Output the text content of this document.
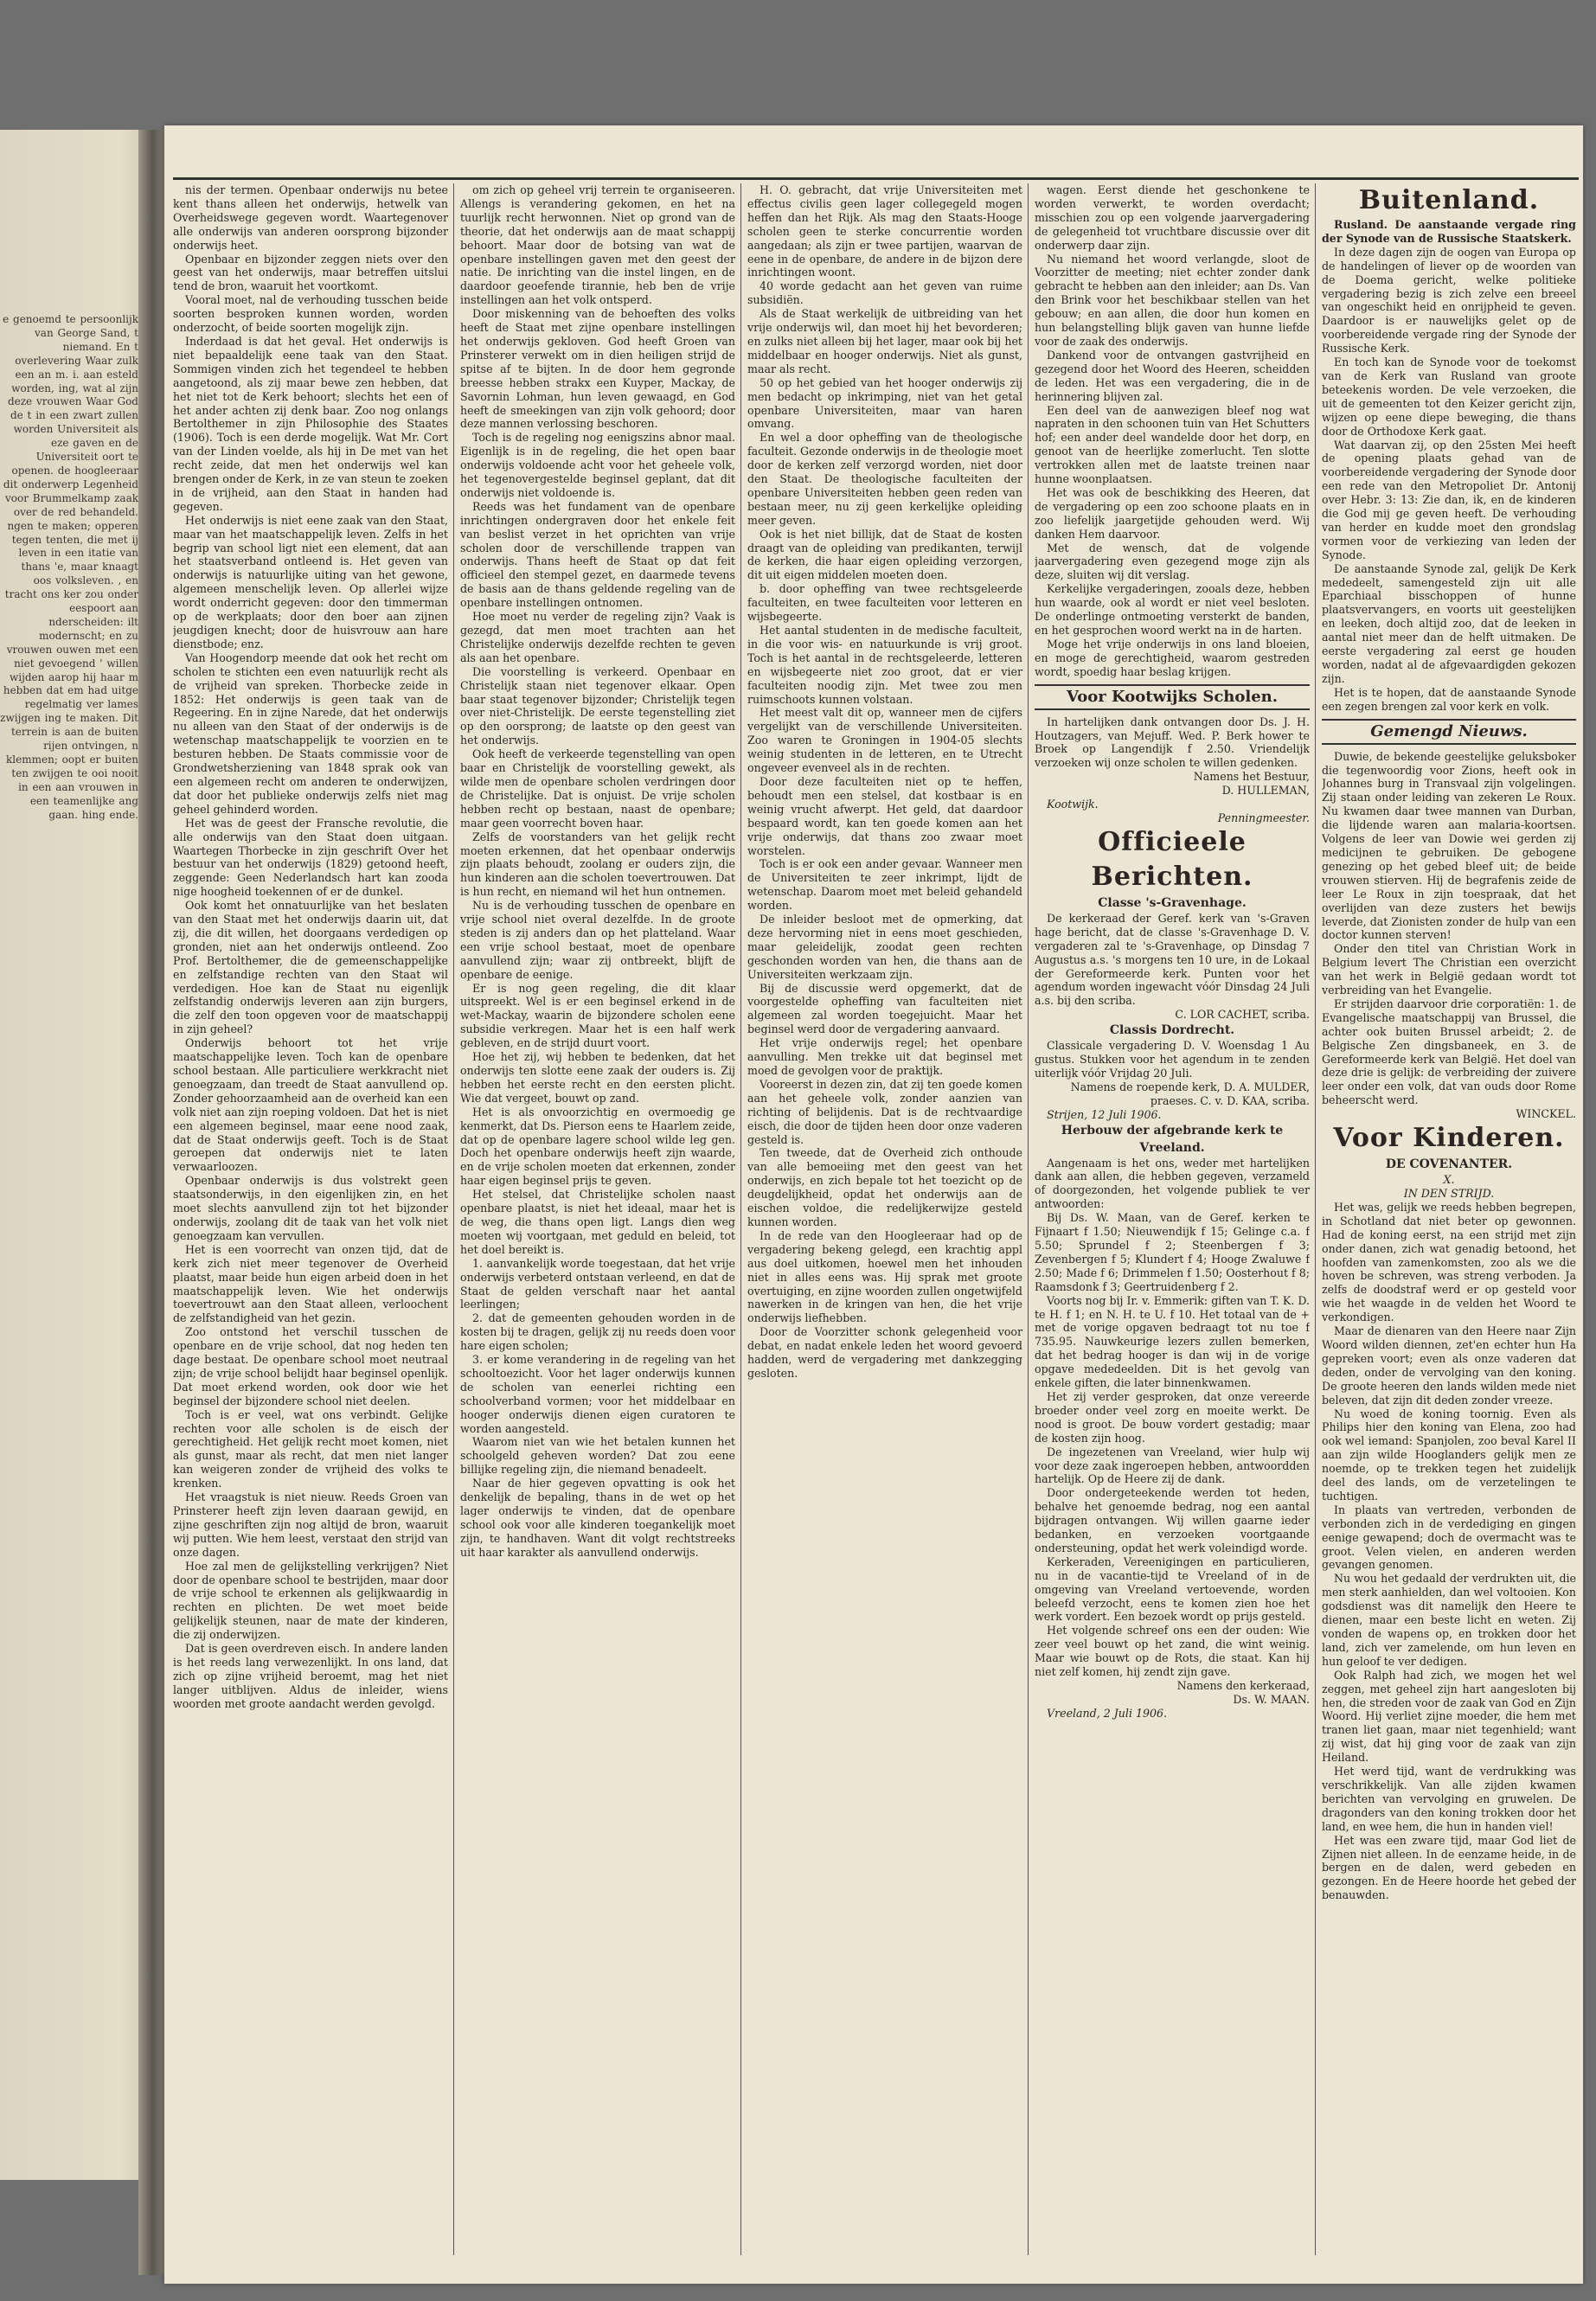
e genoemd te persoonlijk van George Sand, t niemand. En t overlevering Waar zulk een an m. i. aan esteld worden, ing, wat al zijn deze vrouwen Waar God de t in een zwart zullen worden Universiteit als eze gaven en de Universiteit oort te openen. de hoogleeraar dit onderwerp Legenheid voor Brummelkamp zaak over de red behandeld. ngen te maken; opperen tegen tenten, die met ij leven in een itatie van thans 'e, maar knaagt oos volksleven. , en tracht ons ker zou onder eespoort aan nderscheiden: ilt modernscht; en zu vrouwen ouwen met een niet gevoegend ' willen wijden aarop hij haar m hebben dat em had uitge regelmatig ver lames zwijgen ing te maken. Dit terrein is aan de buiten rijen ontvingen, n klemmen; oopt er buiten ten zwijgen te ooi nooit in een aan vrouwen in een teamenlijke ang gaan. hing ende.

nis der termen. Openbaar onderwijs nu betee kent thans alleen het onderwijs, hetwelk van Overheidswege gegeven wordt. Waartegenover alle onderwijs van anderen oorsprong bijzonder onderwijs heet.

Openbaar en bijzonder zeggen niets over den geest van het onderwijs, maar betreffen uitslui tend de bron, waaruit het voortkomt.

Vooral moet, nal de verhouding tusschen beide soorten besproken kunnen worden, worden onderzocht, of beide soorten mogelijk zijn.

Inderdaad is dat het geval. Het onderwijs is niet bepaaldelijk eene taak van den Staat. Sommigen vinden zich het tegendeel te hebben aangetoond, als zij maar bewe zen hebben, dat het niet tot de Kerk behoort; slechts het een of het ander achten zij denk baar. Zoo nog onlangs Bertolthemer in zijn Philosophie des Staates (1906). Toch is een derde mogelijk. Wat Mr. Cort van der Linden voelde, als hij in De met van het recht zeide, dat men het onderwijs wel kan brengen onder de Kerk, in ze van steun te zoeken in de vrijheid, aan den Staat in handen had gegeven.

Het onderwijs is niet eene zaak van den Staat, maar van het maatschappelijk leven. Zelfs in het begrip van school ligt niet een element, dat aan het staatsverband ontleend is. Het geven van onderwijs is natuurlijke uiting van het gewone, algemeen menschelijk leven. Op allerlei wijze wordt onderricht gegeven: door den timmerman op de werkplaats; door den boer aan zijnen jeugdigen knecht; door de huisvrouw aan hare dienstbode; enz.

Van Hoogendorp meende dat ook het recht om scholen te stichten een even natuurlijk recht als de vrijheid van spreken. Thorbecke zeide in 1852: Het onderwijs is geen taak van de Regeering. En in zijne Narede, dat het onderwijs nu alleen van den Staat of der onderwijs is de wetenschap maatschappelijk te voorzien en te besturen hebben. De Staats commissie voor de Grondwetsherziening van 1848 sprak ook van een algemeen recht om anderen te onderwijzen, dat door het publieke onderwijs zelfs niet mag geheel gehinderd worden.

Het was de geest der Fransche revolutie, die alle onderwijs van den Staat doen uitgaan. Waartegen Thorbecke in zijn geschrift Over het bestuur van het onderwijs (1829) getoond heeft, zeggende: Geen Nederlandsch hart kan zooda nige hoogheid toekennen of er de dunkel.

Ook komt het onnatuurlijke van het beslaten van den Staat met het onderwijs daarin uit, dat zij, die dit willen, het doorgaans verdedigen op gronden, niet aan het onderwijs ontleend. Zoo Prof. Bertolthemer, die de gemeenschappelijke en zelfstandige rechten van den Staat wil verdedigen. Hoe kan de Staat nu eigenlijk zelfstandig onderwijs leveren aan zijn burgers, die zelf den toon opgeven voor de maatschappij in zijn geheel?

Onderwijs behoort tot het vrije maatschappelijke leven. Toch kan de openbare school bestaan. Alle particuliere werkkracht niet genoegzaam, dan treedt de Staat aanvullend op. Zonder gehoorzaamheid aan de overheid kan een volk niet aan zijn roeping voldoen. Dat het is niet een algemeen beginsel, maar eene nood zaak, dat de Staat onderwijs geeft. Toch is de Staat geroepen dat onderwijs niet te laten verwaarloozen.

Openbaar onderwijs is dus volstrekt geen staatsonderwijs, in den eigenlijken zin, en het moet slechts aanvullend zijn tot het bijzonder onderwijs, zoolang dit de taak van het volk niet genoegzaam kan vervullen.

Het is een voorrecht van onzen tijd, dat de kerk zich niet meer tegenover de Overheid plaatst, maar beide hun eigen arbeid doen in het maatschappelijk leven. Wie het onderwijs toevertrouwt aan den Staat alleen, verloochent de zelfstandigheid van het gezin.

Zoo ontstond het verschil tusschen de openbare en de vrije school, dat nog heden ten dage bestaat. De openbare school moet neutraal zijn; de vrije school belijdt haar beginsel openlijk. Dat moet erkend worden, ook door wie het beginsel der bijzondere school niet deelen.

Toch is er veel, wat ons verbindt. Gelijke rechten voor alle scholen is de eisch der gerechtigheid. Het gelijk recht moet komen, niet als gunst, maar als recht, dat men niet langer kan weigeren zonder de vrijheid des volks te krenken.

Het vraagstuk is niet nieuw. Reeds Groen van Prinsterer heeft zijn leven daaraan gewijd, en zijne geschriften zijn nog altijd de bron, waaruit wij putten. Wie hem leest, verstaat den strijd van onze dagen.

Hoe zal men de gelijkstelling verkrijgen? Niet door de openbare school te bestrijden, maar door de vrije school te erkennen als gelijkwaardig in rechten en plichten. De wet moet beide gelijkelijk steunen, naar de mate der kinderen, die zij onderwijzen.

Dat is geen overdreven eisch. In andere landen is het reeds lang verwezenlijkt. In ons land, dat zich op zijne vrijheid beroemt, mag het niet langer uitblijven. Aldus de inleider, wiens woorden met groote aandacht werden gevolgd.

om zich op geheel vrij terrein te organiseeren. Allengs is verandering gekomen, en het na tuurlijk recht herwonnen. Niet op grond van de theorie, dat het onderwijs aan de maat schappij behoort. Maar door de botsing van wat de openbare instellingen gaven met den geest der natie. De inrichting van die instel lingen, en de daardoor geoefende tirannie, heb ben de vrije instellingen aan het volk ontsperd.

Door miskenning van de behoeften des volks heeft de Staat met zijne openbare instellingen het onderwijs gekloven. God heeft Groen van Prinsterer verwekt om in dien heiligen strijd de spitse af te bijten. In de door hem gegronde breesse hebben strakx een Kuyper, Mackay, de Savornin Lohman, hun leven gewaagd, en God heeft de smeekingen van zijn volk gehoord; door deze mannen verlossing beschoren.

Toch is de regeling nog eenigszins abnor maal. Eigenlijk is in de regeling, die het open baar onderwijs voldoende acht voor het geheele volk, het tegenovergestelde beginsel geplant, dat dit onderwijs niet voldoende is.

Reeds was het fundament van de openbare inrichtingen ondergraven door het enkele feit van beslist verzet in het oprichten van vrije scholen door de verschillende trappen van onderwijs. Thans heeft de Staat op dat feit officieel den stempel gezet, en daarmede tevens de basis aan de thans geldende regeling van de openbare instellingen ontnomen.

Hoe moet nu verder de regeling zijn? Vaak is gezegd, dat men moet trachten aan het Christelijke onderwijs dezelfde rechten te geven als aan het openbare.

Die voorstelling is verkeerd. Openbaar en Christelijk staan niet tegenover elkaar. Open baar staat tegenover bijzonder; Christelijk tegen over niet-Christelijk. De eerste tegenstelling ziet op den oorsprong; de laatste op den geest van het onderwijs.

Ook heeft de verkeerde tegenstelling van open baar en Christelijk de voorstelling gewekt, als wilde men de openbare scholen verdringen door de Christelijke. Dat is onjuist. De vrije scholen hebben recht op bestaan, naast de openbare; maar geen voorrecht boven haar.

Zelfs de voorstanders van het gelijk recht moeten erkennen, dat het openbaar onderwijs zijn plaats behoudt, zoolang er ouders zijn, die hun kinderen aan die scholen toevertrouwen. Dat is hun recht, en niemand wil het hun ontnemen.

Nu is de verhouding tusschen de openbare en vrije school niet overal dezelfde. In de groote steden is zij anders dan op het platteland. Waar een vrije school bestaat, moet de openbare aanvullend zijn; waar zij ontbreekt, blijft de openbare de eenige.

Er is nog geen regeling, die dit klaar uitspreekt. Wel is er een beginsel erkend in de wet-Mackay, waarin de bijzondere scholen eene subsidie verkregen. Maar het is een half werk gebleven, en de strijd duurt voort.

Hoe het zij, wij hebben te bedenken, dat het onderwijs ten slotte eene zaak der ouders is. Zij hebben het eerste recht en den eersten plicht. Wie dat vergeet, bouwt op zand.

Het is als onvoorzichtig en overmoedig ge kenmerkt, dat Ds. Pierson eens te Haarlem zeide, dat op de openbare lagere school wilde leg gen. Doch het openbare onderwijs heeft zijn waarde, en de vrije scholen moeten dat erkennen, zonder haar eigen beginsel prijs te geven.

Het stelsel, dat Christelijke scholen naast openbare plaatst, is niet het ideaal, maar het is de weg, die thans open ligt. Langs dien weg moeten wij voortgaan, met geduld en beleid, tot het doel bereikt is.

1. aanvankelijk worde toegestaan, dat het vrije onderwijs verbeterd ontstaan verleend, en dat de Staat de gelden verschaft naar het aantal leerlingen;

2. dat de gemeenten gehouden worden in de kosten bij te dragen, gelijk zij nu reeds doen voor hare eigen scholen;

3. er kome verandering in de regeling van het schooltoezicht. Voor het lager onderwijs kunnen de scholen van eenerlei richting een schoolverband vormen; voor het middelbaar en hooger onderwijs dienen eigen curatoren te worden aangesteld.

Waarom niet van wie het betalen kunnen het schoolgeld geheven worden? Dat zou eene billijke regeling zijn, die niemand benadeelt.

Naar de hier gegeven opvatting is ook het denkelijk de bepaling, thans in de wet op het lager onderwijs te vinden, dat de openbare school ook voor alle kinderen toegankelijk moet zijn, te handhaven. Want dit volgt rechtstreeks uit haar karakter als aanvullend onderwijs.

H. O. gebracht, dat vrije Universiteiten met effectus civilis geen lager collegegeld mogen heffen dan het Rijk. Als mag den Staats-Hooge scholen geen te sterke concurrentie worden aangedaan; als zijn er twee partijen, waarvan de eene in de openbare, de andere in de bijzon dere inrichtingen woont.

40 worde gedacht aan het geven van ruime subsidiën.

Als de Staat werkelijk de uitbreiding van het vrije onderwijs wil, dan moet hij het bevorderen; en zulks niet alleen bij het lager, maar ook bij het middelbaar en hooger onderwijs. Niet als gunst, maar als recht.

50 op het gebied van het hooger onderwijs zij men bedacht op inkrimping, niet van het getal openbare Universiteiten, maar van haren omvang.

En wel a door opheffing van de theologische faculteit. Gezonde onderwijs in de theologie moet door de kerken zelf verzorgd worden, niet door den Staat. De theologische faculteiten der openbare Universiteiten hebben geen reden van bestaan meer, nu zij geen kerkelijke opleiding meer geven.

Ook is het niet billijk, dat de Staat de kosten draagt van de opleiding van predikanten, terwijl de kerken, die haar eigen opleiding verzorgen, dit uit eigen middelen moeten doen.

b. door opheffing van twee rechtsgeleerde faculteiten, en twee faculteiten voor letteren en wijsbegeerte.

Het aantal studenten in de medische faculteit, in die voor wis- en natuurkunde is vrij groot. Toch is het aantal in de rechtsgeleerde, letteren en wijsbegeerte niet zoo groot, dat er vier faculteiten noodig zijn. Met twee zou men ruimschoots kunnen volstaan.

Het meest valt dit op, wanneer men de cijfers vergelijkt van de verschillende Universiteiten. Zoo waren te Groningen in 1904-05 slechts weinig studenten in de letteren, en te Utrecht ongeveer evenveel als in de rechten.

Door deze faculteiten niet op te heffen, behoudt men een stelsel, dat kostbaar is en weinig vrucht afwerpt. Het geld, dat daardoor bespaard wordt, kan ten goede komen aan het vrije onderwijs, dat thans zoo zwaar moet worstelen.

Toch is er ook een ander gevaar. Wanneer men de Universiteiten te zeer inkrimpt, lijdt de wetenschap. Daarom moet met beleid gehandeld worden.

De inleider besloot met de opmerking, dat deze hervorming niet in eens moet geschieden, maar geleidelijk, zoodat geen rechten geschonden worden van hen, die thans aan de Universiteiten werkzaam zijn.

Bij de discussie werd opgemerkt, dat de voorgestelde opheffing van faculteiten niet algemeen zal worden toegejuicht. Maar het beginsel werd door de vergadering aanvaard.

Het vrije onderwijs regel; het openbare aanvulling. Men trekke uit dat beginsel met moed de gevolgen voor de praktijk.

Vooreerst in dezen zin, dat zij ten goede komen aan het geheele volk, zonder aanzien van richting of belijdenis. Dat is de rechtvaardige eisch, die door de tijden heen door onze vaderen gesteld is.

Ten tweede, dat de Overheid zich onthoude van alle bemoeiing met den geest van het onderwijs, en zich bepale tot het toezicht op de deugdelijkheid, opdat het onderwijs aan de eischen voldoe, die redelijkerwijze gesteld kunnen worden.

In de rede van den Hoogleeraar had op de vergadering bekeng gelegd, een krachtig appl aus doel uitkomen, hoewel men het inhouden niet in alles eens was. Hij sprak met groote overtuiging, en zijne woorden zullen ongetwijfeld nawerken in de kringen van hen, die het vrije onderwijs liefhebben.

Door de Voorzitter schonk gelegenheid voor debat, en nadat enkele leden het woord gevoerd hadden, werd de vergadering met dankzegging gesloten.

wagen. Eerst diende het geschonkene te worden verwerkt, te worden overdacht; misschien zou op een volgende jaarvergadering de gelegenheid tot vruchtbare discussie over dit onderwerp daar zijn.

Nu niemand het woord verlangde, sloot de Voorzitter de meeting; niet echter zonder dank gebracht te hebben aan den inleider; aan Ds. Van den Brink voor het beschikbaar stellen van het gebouw; en aan allen, die door hun komen en hun belangstelling blijk gaven van hunne liefde voor de zaak des onderwijs.

Dankend voor de ontvangen gastvrijheid en gezegend door het Woord des Heeren, scheidden de leden. Het was een vergadering, die in de herinnering blijven zal.

Een deel van de aanwezigen bleef nog wat napraten in den schoonen tuin van Het Schutters hof; een ander deel wandelde door het dorp, en genoot van de heerlijke zomerlucht. Ten slotte vertrokken allen met de laatste treinen naar hunne woonplaatsen.

Het was ook de beschikking des Heeren, dat de vergadering op een zoo schoone plaats en in zoo liefelijk jaargetijde gehouden werd. Wij danken Hem daarvoor.

Met de wensch, dat de volgende jaarvergadering even gezegend moge zijn als deze, sluiten wij dit verslag.

Kerkelijke vergaderingen, zooals deze, hebben hun waarde, ook al wordt er niet veel besloten. De onderlinge ontmoeting versterkt de banden, en het gesprochen woord werkt na in de harten.

Moge het vrije onderwijs in ons land bloeien, en moge de gerechtigheid, waarom gestreden wordt, spoedig haar beslag krijgen.

Voor Kootwijks Scholen.

In hartelijken dank ontvangen door Ds. J. H. Houtzagers, van Mejuff. Wed. P. Berk hower te Broek op Langendijk f 2.50. Vriendelijk verzoeken wij onze scholen te willen gedenken.

Namens het Bestuur,

D. HULLEMAN,

Kootwijk.

Penningmeester.

Officieele Berichten.

Classe 's-Gravenhage.

De kerkeraad der Geref. kerk van 's-Graven hage bericht, dat de classe 's-Gravenhage D. V. vergaderen zal te 's-Gravenhage, op Dinsdag 7 Augustus a.s. 's morgens ten 10 ure, in de Lokaal der Gereformeerde kerk. Punten voor het agendum worden ingewacht vóór Dinsdag 24 Juli a.s. bij den scriba.

C. LOR CACHET, scriba.

Classis Dordrecht.

Classicale vergadering D. V. Woensdag 1 Au gustus. Stukken voor het agendum in te zenden uiterlijk vóór Vrijdag 20 Juli.

Namens de roepende kerk, D. A. MULDER, praeses. C. v. D. KAA, scriba.

Strijen, 12 Juli 1906.

Herbouw der afgebrande kerk te Vreeland.

Aangenaam is het ons, weder met hartelijken dank aan allen, die hebben gegeven, verzameld of doorgezonden, het volgende publiek te ver antwoorden:

Bij Ds. W. Maan, van de Geref. kerken te Fijnaart f 1.50; Nieuwendijk f 15; Gelinge c.a. f 5.50; Sprundel f 2; Steenbergen f 3; Zevenbergen f 5; Klundert f 4; Hooge Zwaluwe f 2.50; Made f 6; Drimmelen f 1.50; Oosterhout f 8; Raamsdonk f 3; Geertruidenberg f 2.

Voorts nog bij Ir. v. Emmerik: giften van T. K. D. te H. f 1; en N. H. te U. f 10. Het totaal van de + met de vorige opgaven bedraagt tot nu toe f 735.95. Nauwkeurige lezers zullen bemerken, dat het bedrag hooger is dan wij in de vorige opgave mededeelden. Dit is het gevolg van enkele giften, die later binnenkwamen.

Het zij verder gesproken, dat onze vereerde broeder onder veel zorg en moeite werkt. De nood is groot. De bouw vordert gestadig; maar de kosten zijn hoog.

De ingezetenen van Vreeland, wier hulp wij voor deze zaak ingeroepen hebben, antwoordden hartelijk. Op de Heere zij de dank.

Door ondergeteekende werden tot heden, behalve het genoemde bedrag, nog een aantal bijdragen ontvangen. Wij willen gaarne ieder bedanken, en verzoeken voortgaande ondersteuning, opdat het werk voleindigd worde.

Kerkeraden, Vereenigingen en particulieren, nu in de vacantie-tijd te Vreeland of in de omgeving van Vreeland vertoevende, worden beleefd verzocht, eens te komen zien hoe het werk vordert. Een bezoek wordt op prijs gesteld.

Het volgende schreef ons een der ouden: Wie zeer veel bouwt op het zand, die wint weinig. Maar wie bouwt op de Rots, die staat. Kan hij niet zelf komen, hij zendt zijn gave.

Namens den kerkeraad,

Ds. W. MAAN.

Vreeland, 2 Juli 1906.

Buitenland.

Rusland. De aanstaande vergade ring der Synode van de Russische Staatskerk.

In deze dagen zijn de oogen van Europa op de handelingen of liever op de woorden van de Doema gericht, welke politieke vergadering bezig is zich zelve een breeel van ongeschikt heid en onrijpheid te geven. Daardoor is er nauwelijks gelet op de voorbereidende vergade ring der Synode der Russische Kerk.

En toch kan de Synode voor de toekomst van de Kerk van Rusland van groote beteekenis worden. De vele verzoeken, die uit de gemeenten tot den Keizer gericht zijn, wijzen op eene diepe beweging, die thans door de Orthodoxe Kerk gaat.

Wat daarvan zij, op den 25sten Mei heeft de opening plaats gehad van de voorbereidende vergadering der Synode door een rede van den Metropoliet Dr. Antonij over Hebr. 3: 13: Zie dan, ik, en de kinderen die God mij ge geven heeft. De verhouding van herder en kudde moet den grondslag vormen voor de verkiezing van leden der Synode.

De aanstaande Synode zal, gelijk De Kerk mededeelt, samengesteld zijn uit alle Eparchiaal bisschoppen of hunne plaatsvervangers, en voorts uit geestelijken en leeken, doch altijd zoo, dat de leeken in aantal niet meer dan de helft uitmaken. De eerste vergadering zal eerst ge houden worden, nadat al de afgevaardigden gekozen zijn.

Het is te hopen, dat de aanstaande Synode een zegen brengen zal voor kerk en volk.

Gemengd Nieuws.

Duwie, de bekende geestelijke geluksboker die tegenwoordig voor Zions, heeft ook in Johannes burg in Transvaal zijn volgelingen. Zij staan onder leiding van zekeren Le Roux. Nu kwamen daar twee mannen van Durban, die lijdende waren aan malaria-koortsen. Volgens de leer van Dowie wei gerden zij medicijnen te gebruiken. De gebogene genezing op het gebed bleef uit; de beide vrouwen stierven. Hij de begrafenis zeide de leer Le Roux in zijn toespraak, dat het overlijden van deze zusters het bewijs leverde, dat Zionisten zonder de hulp van een doctor kunnen sterven!

Onder den titel van Christian Work in Belgium levert The Christian een overzicht van het werk in België gedaan wordt tot verbreiding van het Evangelie.

Er strijden daarvoor drie corporatiën: 1. de Evangelische maatschappij van Brussel, die achter ook buiten Brussel arbeidt; 2. de Belgische Zen dingsbaneek, en 3. de Gereformeerde kerk van België. Het doel van deze drie is gelijk: de verbreiding der zuivere leer onder een volk, dat van ouds door Rome beheerscht werd.

WINCKEL.

Voor Kinderen.

DE COVENANTER.

X.

IN DEN STRIJD.

Het was, gelijk we reeds hebben begrepen, in Schotland dat niet beter op gewonnen. Had de koning eerst, na een strijd met zijn onder danen, zich wat genadig betoond, het hoofden van zamenkomsten, zoo als we die hoven be schreven, was streng verboden. Ja zelfs de doodstraf werd er op gesteld voor wie het waagde in de velden het Woord te verkondigen.

Maar de dienaren van den Heere naar Zijn Woord wilden diennen, zet'en echter hun Ha gepreken voort; even als onze vaderen dat deden, onder de vervolging van den koning. De groote heeren den lands wilden mede niet beleven, dat zijn dit deden zonder vreeze.

Nu woed de koning toornig. Even als Philips hier den koning van Elena, zoo had ook wel iemand: Spanjolen, zoo beval Karel II aan zijn wilde Hooglanders gelijk men ze noemde, op te trekken tegen het zuidelijk deel des lands, om de verzetelingen te tuchtigen.

In plaats van vertreden, verbonden de verbonden zich in de verdediging en gingen eenige gewapend; doch de overmacht was te groot. Velen vielen, en anderen werden gevangen genomen.

Nu wou het gedaald der verdrukten uit, die men sterk aanhielden, dan wel voltooien. Kon godsdienst was dit namelijk den Heere te dienen, maar een beste licht en weten. Zij vonden de wapens op, en trokken door het land, zich ver zamelende, om hun leven en hun geloof te ver dedigen.

Ook Ralph had zich, we mogen het wel zeggen, met geheel zijn hart aangesloten bij hen, die streden voor de zaak van God en Zijn Woord. Hij verliet zijne moeder, die hem met tranen liet gaan, maar niet tegenhield; want zij wist, dat hij ging voor de zaak van zijn Heiland.

Het werd tijd, want de verdrukking was verschrikkelijk. Van alle zijden kwamen berichten van vervolging en gruwelen. De dragonders van den koning trokken door het land, en wee hem, die hun in handen viel!

Het was een zware tijd, maar God liet de Zijnen niet alleen. In de eenzame heide, in de bergen en de dalen, werd gebeden en gezongen. En de Heere hoorde het gebed der benauwden.
